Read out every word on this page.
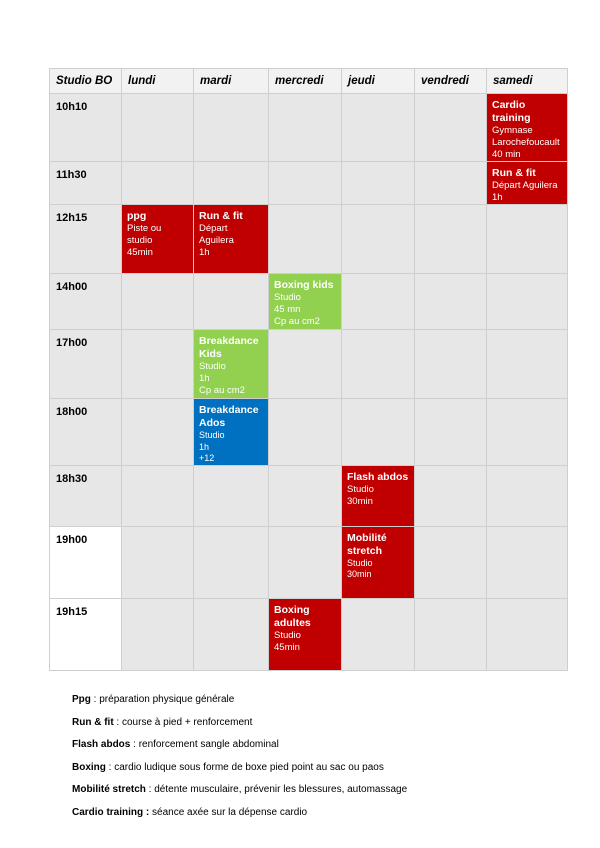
Studio BO	lundi	mardi	mercredi	jeudi	vendredi	samedi
10h10						Cardio training
Gymnase
Larochefoucault
40 min

11h30						Run & fit
Départ Aguilera
1h

12h15	ppg
Piste ou
studio
45min	Run & fit
Départ
Aguilera
1h				

14h00			Boxing kids
Studio
45 mn
Cp au cm2			

17h00		Breakdance Kids
Studio
1h
Cp au cm2				

18h00		Breakdance Ados
Studio
1h
+12				

18h30				Flash abdos
Studio
30min		

19h00				Mobilité stretch
Studio
30min		

19h15			Boxing adultes
Studio
45min			

Ppg : préparation physique générale

Run & fit : course à pied + renforcement

Flash abdos : renforcement sangle abdominal

Boxing : cardio ludique sous forme de boxe pied point au sac ou paos

Mobilité stretch : détente musculaire, prévenir les blessures, automassage

Cardio training : séance axée sur la dépense cardio
